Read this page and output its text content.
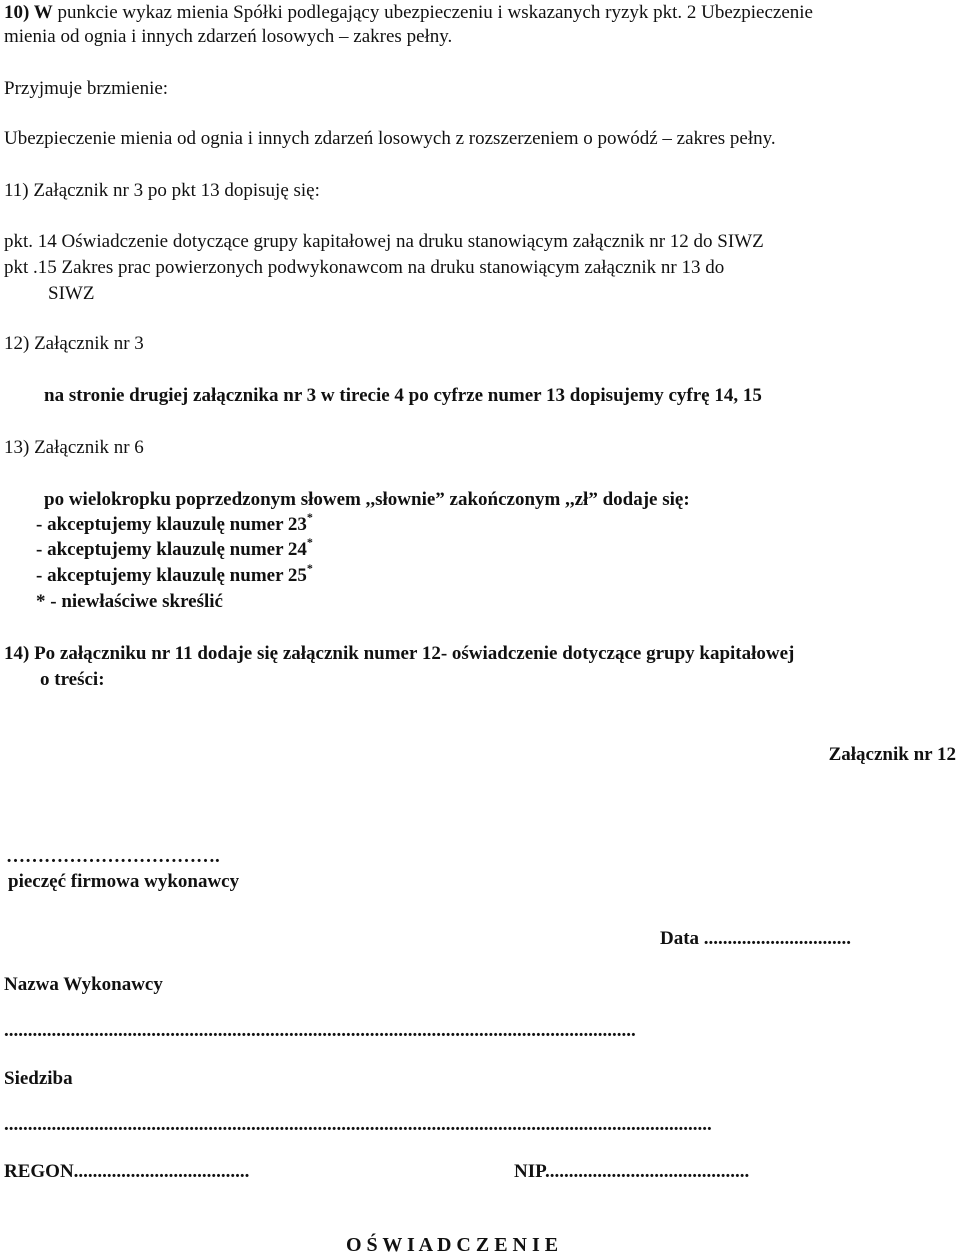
10) W punkcie wykaz mienia Spółki podlegający ubezpieczeniu i wskazanych ryzyk pkt. 2 Ubezpieczenie
mienia od ognia i innych zdarzeń losowych – zakres pełny.
Przyjmuje brzmienie:
Ubezpieczenie mienia od ognia i innych zdarzeń losowych z rozszerzeniem o powódź – zakres pełny.
11) Załącznik nr 3 po pkt 13 dopisuję się:
pkt. 14 Oświadczenie dotyczące grupy kapitałowej na druku stanowiącym załącznik nr 12 do SIWZ
pkt .15 Zakres prac powierzonych podwykonawcom na druku stanowiącym załącznik nr 13 do
SIWZ
12) Załącznik nr 3
na stronie drugiej załącznika nr 3 w tirecie 4 po cyfrze numer 13 dopisujemy cyfrę 14, 15
13) Załącznik nr 6
po wielokropku poprzedzonym słowem ,,słownie” zakończonym ,,zł” dodaje się:
- akceptujemy klauzulę numer 23*
- akceptujemy klauzulę numer 24*
- akceptujemy klauzulę numer 25*
* - niewłaściwe skreślić
14) Po załączniku nr 11 dodaje się załącznik numer 12- oświadczenie dotyczące grupy kapitałowej
o treści:
Załącznik nr 12
…………………………….
pieczęć firmowa wykonawcy
Data ...............................
Nazwa Wykonawcy
.....................................................................................................................................
Siedziba
.....................................................................................................................................................
REGON.....................................	NIP...........................................
O Ś W I A D C Z E N I E
